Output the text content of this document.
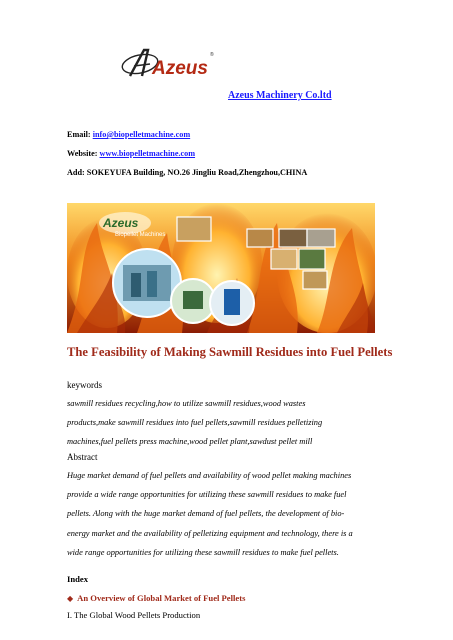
Azeus
®
Azeus Machinery Co.ltd
Email: info@biopelletmachine.com
Website: www.biopelletmachine.com
Add: SOKEYUFA Building, NO.26 Jingliu Road,Zhengzhou,CHINA
Azeus
Biopellet Machines
The Feasibility of Making Sawmill Residues into Fuel Pellets
keywords
sawmill residues recycling,how to utilize sawmill residues,wood wastes
products,make sawmill residues into fuel pellets,sawmill residues pelletizing
machines,fuel pellets press machine,wood pellet plant,sawdust pellet mill
Abstract
Huge market demand of fuel pellets and availability of wood pellet making machines
provide a wide range opportunities for utilizing these sawmill residues to make fuel
pellets. Along with the huge market demand of fuel pellets, the development of bio-
energy market and the availability of pelletizing equipment and technology, there is a
wide range opportunities for utilizing these sawmill residues to make fuel pellets.
Index
◆ An Overview of Global Market of Fuel Pellets
I. The Global Wood Pellets Production
